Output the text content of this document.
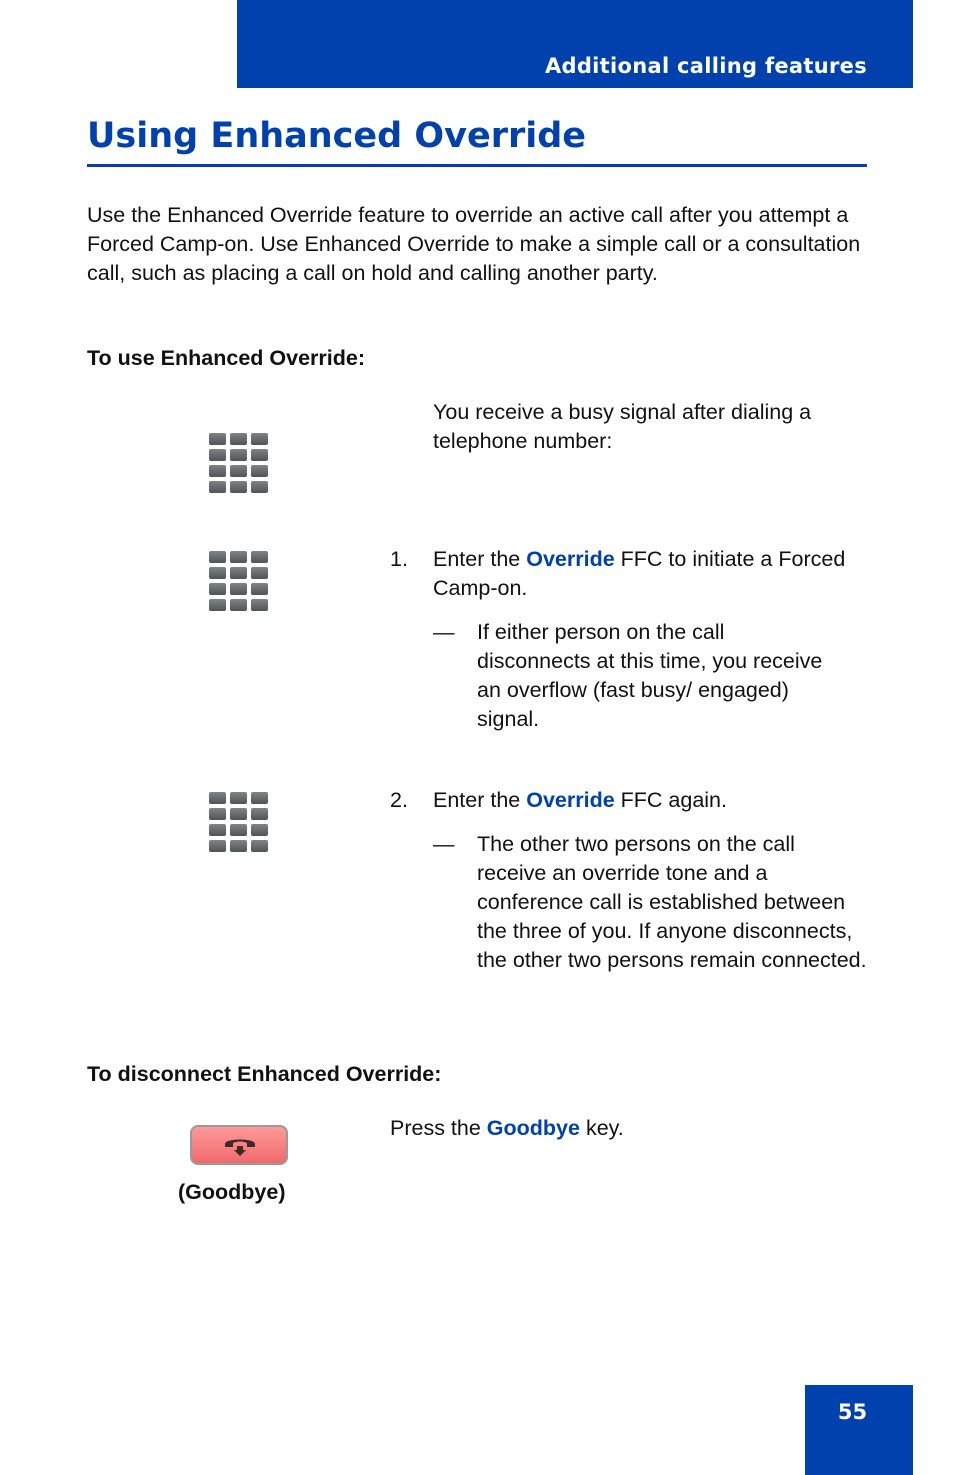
Additional calling features
Using Enhanced Override

Use the Enhanced Override feature to override an active call after you attempt a Forced Camp-on. Use Enhanced Override to make a simple call or a consultation call, such as placing a call on hold and calling another party.

To use Enhanced Override:

You receive a busy signal after dialing a telephone number:

1. Enter the Override FFC to initiate a Forced Camp-on.

— If either person on the call disconnects at this time, you receive an overflow (fast busy/ engaged) signal.

2. Enter the Override FFC again.

— The other two persons on the call receive an override tone and a conference call is established between the three of you. If anyone disconnects, the other two persons remain connected.

To disconnect Enhanced Override:

(Goodbye)

Press the Goodbye key.

55
